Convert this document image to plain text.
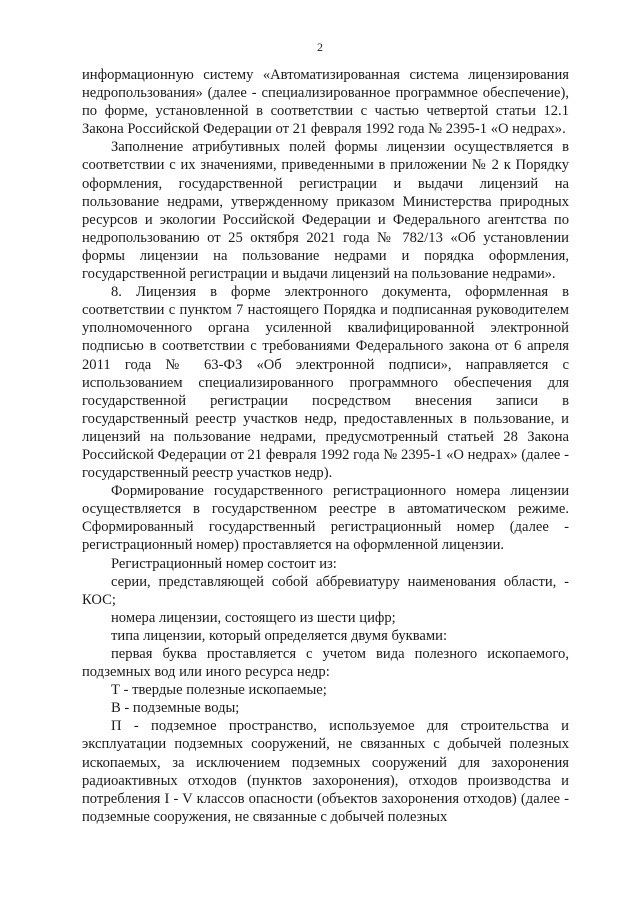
2

информационную систему «Автоматизированная система лицензирования недропользования» (далее - специализированное программное обеспечение), по форме, установленной в соответствии с частью четвертой статьи 12.1 Закона Российской Федерации от 21 февраля 1992 года № 2395-1 «О недрах».

Заполнение атрибутивных полей формы лицензии осуществляется в соответствии с их значениями, приведенными в приложении № 2 к Порядку оформления, государственной регистрации и выдачи лицензий на пользование недрами, утвержденному приказом Министерства природных ресурсов и экологии Российской Федерации и Федерального агентства по недропользованию от 25 октября 2021 года № 782/13 «Об установлении формы лицензии на пользование недрами и порядка оформления, государственной регистрации и выдачи лицензий на пользование недрами».

8. Лицензия в форме электронного документа, оформленная в соответствии с пунктом 7 настоящего Порядка и подписанная руководителем уполномоченного органа усиленной квалифицированной электронной подписью в соответствии с требованиями Федерального закона от 6 апреля 2011 года № 63-ФЗ «Об электронной подписи», направляется с использованием специализированного программного обеспечения для государственной регистрации посредством внесения записи в государственный реестр участков недр, предоставленных в пользование, и лицензий на пользование недрами, предусмотренный статьей 28 Закона Российской Федерации от 21 февраля 1992 года № 2395-1 «О недрах» (далее - государственный реестр участков недр).

Формирование государственного регистрационного номера лицензии осуществляется в государственном реестре в автоматическом режиме. Сформированный государственный регистрационный номер (далее - регистрационный номер) проставляется на оформленной лицензии.

Регистрационный номер состоит из:

серии, представляющей собой аббревиатуру наименования области, - КОС;

номера лицензии, состоящего из шести цифр;

типа лицензии, который определяется двумя буквами:

первая буква проставляется с учетом вида полезного ископаемого, подземных вод или иного ресурса недр:

Т - твердые полезные ископаемые;

В - подземные воды;

П - подземное пространство, используемое для строительства и эксплуатации подземных сооружений, не связанных с добычей полезных ископаемых, за исключением подземных сооружений для захоронения радиоактивных отходов (пунктов захоронения), отходов производства и потребления I - V классов опасности (объектов захоронения отходов) (далее - подземные сооружения, не связанные с добычей полезных
